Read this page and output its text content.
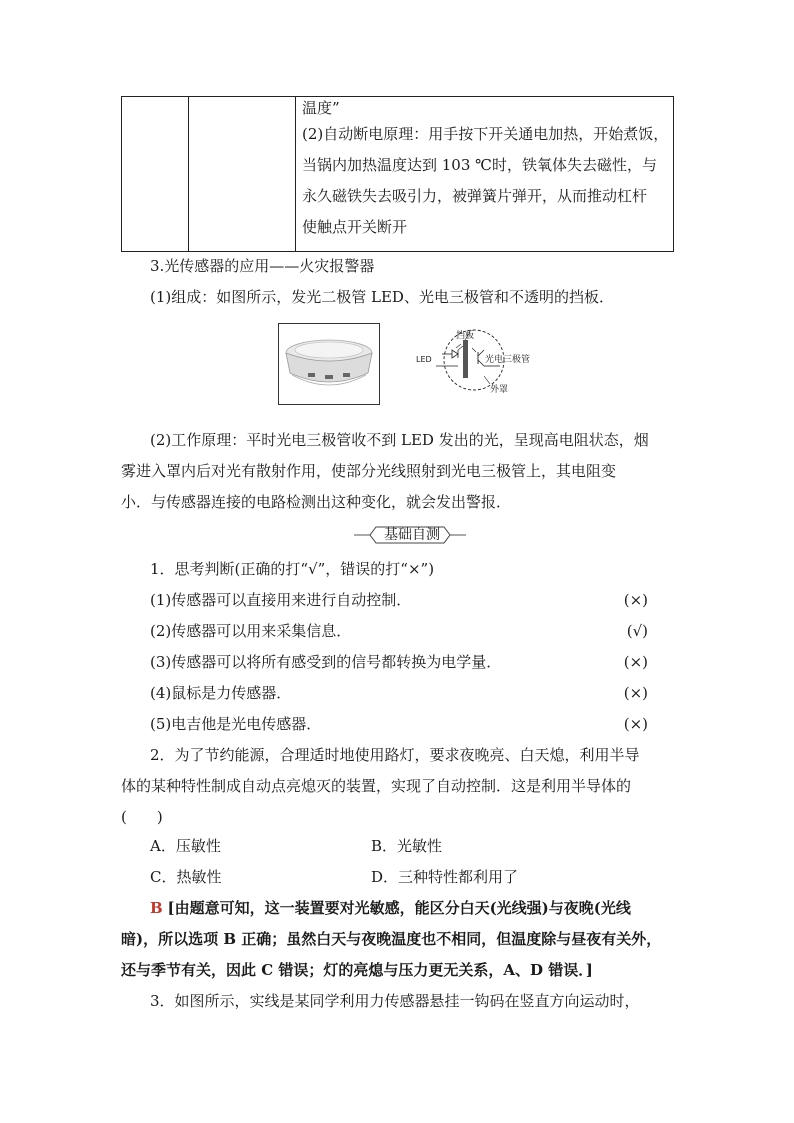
温度”
(2)自动断电原理：用手按下开关通电加热，开始煮饭，
当锅内加热温度达到 103 ℃时，铁氧体失去磁性，与
永久磁铁失去吸引力，被弹簧片弹开，从而推动杠杆
使触点开关断开
3.光传感器的应用——火灾报警器
(1)组成：如图所示，发光二极管 LED、光电三极管和不透明的挡板．
挡板
LED	光电三极管
外罩
(2)工作原理：平时光电三极管收不到 LED 发出的光，呈现高电阻状态，烟
雾进入罩内后对光有散射作用，使部分光线照射到光电三极管上，其电阻变
小．与传感器连接的电路检测出这种变化，就会发出警报．
基础自测
1．思考判断(正确的打“√”，错误的打“×”)
(1)传感器可以直接用来进行自动控制．	(×)
(2)传感器可以用来采集信息．	(√)
(3)传感器可以将所有感受到的信号都转换为电学量．	(×)
(4)鼠标是力传感器．	(×)
(5)电吉他是光电传感器．	(×)
2．为了节约能源，合理适时地使用路灯，要求夜晚亮、白天熄，利用半导
体的某种特性制成自动点亮熄灭的装置，实现了自动控制．这是利用半导体的
(　　)
A．压敏性	B．光敏性
C．热敏性	D．三种特性都利用了
B [由题意可知，这一装置要对光敏感，能区分白天(光线强)与夜晚(光线
暗)，所以选项 B 正确；虽然白天与夜晚温度也不相同，但温度除与昼夜有关外，
还与季节有关，因此 C 错误；灯的亮熄与压力更无关系，A、D 错误．]
3．如图所示，实线是某同学利用力传感器悬挂一钩码在竖直方向运动时，
